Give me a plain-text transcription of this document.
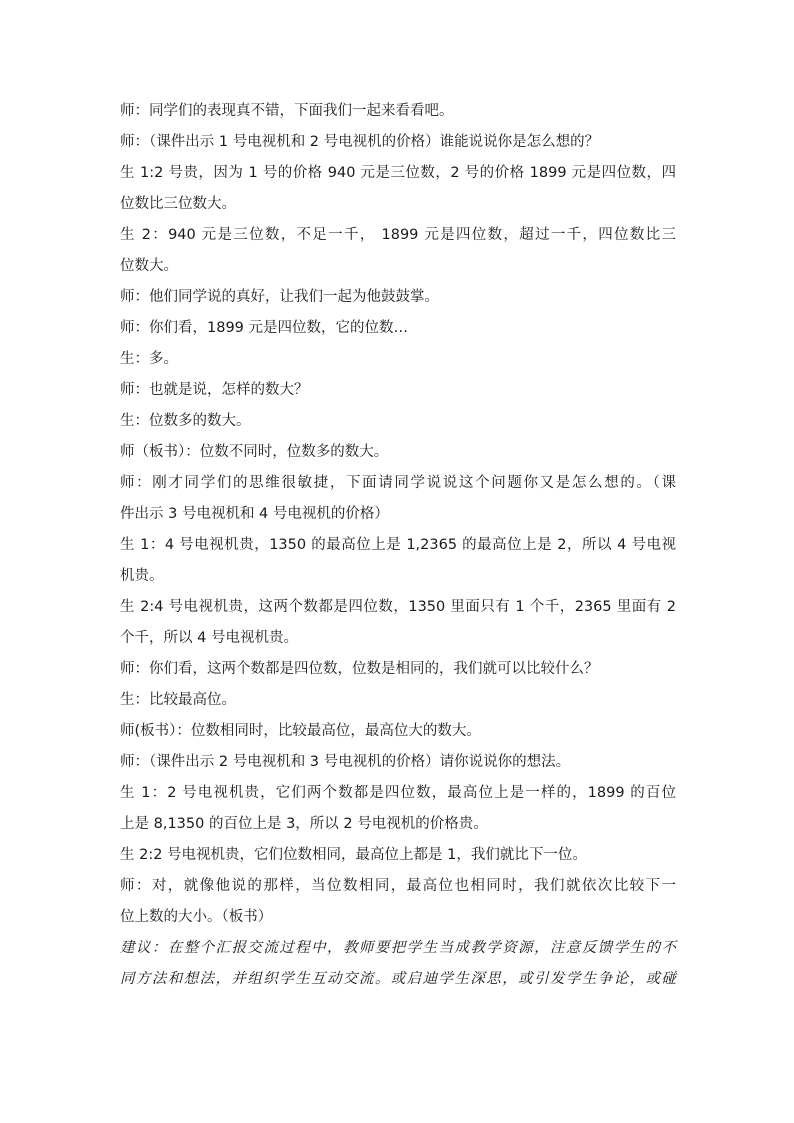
师：同学们的表现真不错，下面我们一起来看看吧。
师：（课件出示 1 号电视机和 2 号电视机的价格）谁能说说你是怎么想的？
生 1:2 号贵，因为 1 号的价格 940 元是三位数，2 号的价格 1899 元是四位数，四
位数比三位数大。
生 2：940 元是三位数，不足一千， 1899 元是四位数，超过一千，四位数比三
位数大。
师：他们同学说的真好，让我们一起为他鼓鼓掌。
师：你们看，1899 元是四位数，它的位数…
生：多。
师：也就是说，怎样的数大？
生：位数多的数大。
师（板书）：位数不同时，位数多的数大。
师：刚才同学们的思维很敏捷，下面请同学说说这个问题你又是怎么想的。（课
件出示 3 号电视机和 4 号电视机的价格）
生 1：4 号电视机贵，1350 的最高位上是 1,2365 的最高位上是 2，所以 4 号电视
机贵。
生 2:4 号电视机贵，这两个数都是四位数，1350 里面只有 1 个千，2365 里面有 2
个千，所以 4 号电视机贵。
师：你们看，这两个数都是四位数，位数是相同的，我们就可以比较什么？
生：比较最高位。
师(板书）：位数相同时，比较最高位，最高位大的数大。
师：（课件出示 2 号电视机和 3 号电视机的价格）请你说说你的想法。
生 1：2 号电视机贵，它们两个数都是四位数，最高位上是一样的，1899 的百位
上是 8,1350 的百位上是 3，所以 2 号电视机的价格贵。
生 2:2 号电视机贵，它们位数相同，最高位上都是 1，我们就比下一位。
师：对，就像他说的那样，当位数相同，最高位也相同时，我们就依次比较下一
位上数的大小。（板书）
建议：在整个汇报交流过程中，教师要把学生当成教学资源，注意反馈学生的不
同方法和想法，并组织学生互动交流。或启迪学生深思，或引发学生争论，或碰
